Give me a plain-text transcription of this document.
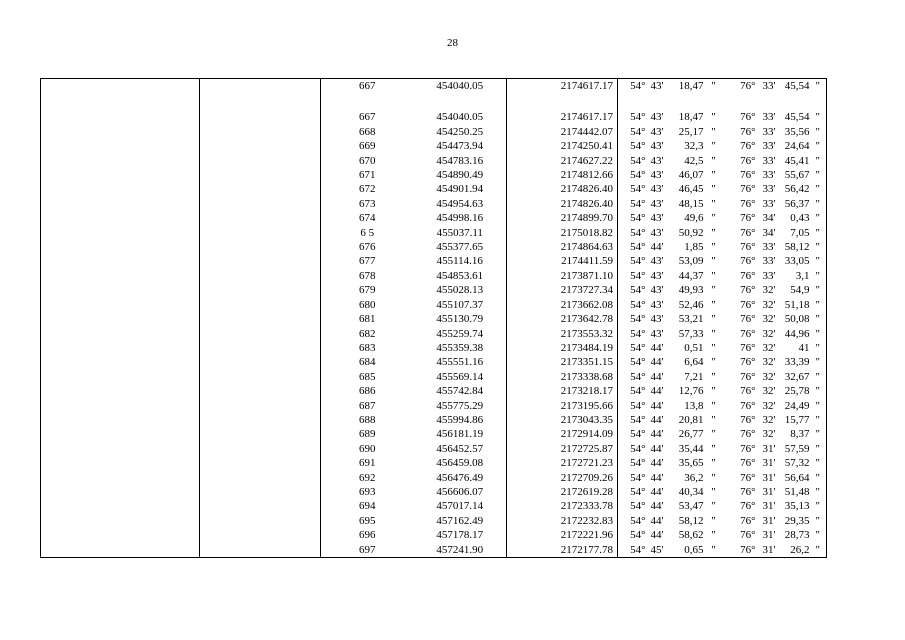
28
		667	454040.05	2174617.17	54°	43'	18,47	"	76°	33'	45,54	"

		667	454040.05	2174617.17	54°	43'	18,47	"	76°	33'	45,54	"
		668	454250.25	2174442.07	54°	43'	25,17	"	76°	33'	35,56	"
		669	454473.94	2174250.41	54°	43'	32,3	"	76°	33'	24,64	"
		670	454783.16	2174627.22	54°	43'	42,5	"	76°	33'	45,41	"
		671	454890.49	2174812.66	54°	43'	46,07	"	76°	33'	55,67	"
		672	454901.94	2174826.40	54°	43'	46,45	"	76°	33'	56,42	"
		673	454954.63	2174826.40	54°	43'	48,15	"	76°	33'	56,37	"
		674	454998.16	2174899.70	54°	43'	49,6	"	76°	34'	0,43	"
		6 5	455037.11	2175018.82	54°	43'	50,92	"	76°	34'	7,05	"
		676	455377.65	2174864.63	54°	44'	1,85	"	76°	33'	58,12	"
		677	455114.16	2174411.59	54°	43'	53,09	"	76°	33'	33,05	"
		678	454853.61	2173871.10	54°	43'	44,37	"	76°	33'	3,1	"
		679	455028.13	2173727.34	54°	43'	49,93	"	76°	32'	54,9	"
		680	455107.37	2173662.08	54°	43'	52,46	"	76°	32'	51,18	"
		681	455130.79	2173642.78	54°	43'	53,21	"	76°	32'	50,08	"
		682	455259.74	2173553.32	54°	43'	57,33	"	76°	32'	44,96	"
		683	455359.38	2173484.19	54°	44'	0,51	"	76°	32'	41	"
		684	455551.16	2173351.15	54°	44'	6,64	"	76°	32'	33,39	"
		685	455569.14	2173338.68	54°	44'	7,21	"	76°	32'	32,67	"
		686	455742.84	2173218.17	54°	44'	12,76	"	76°	32'	25,78	"
		687	455775.29	2173195.66	54°	44'	13,8	"	76°	32'	24,49	"
		688	455994.86	2173043.35	54°	44'	20,81	"	76°	32'	15,77	"
		689	456181.19	2172914.09	54°	44'	26,77	"	76°	32'	8,37	"
		690	456452.57	2172725.87	54°	44'	35,44	"	76°	31'	57,59	"
		691	456459.08	2172721.23	54°	44'	35,65	"	76°	31'	57,32	"
		692	456476.49	2172709.26	54°	44'	36,2	"	76°	31'	56,64	"
		693	456606.07	2172619.28	54°	44'	40,34	"	76°	31'	51,48	"
		694	457017.14	2172333.78	54°	44'	53,47	"	76°	31'	35,13	"
		695	457162.49	2172232.83	54°	44'	58,12	"	76°	31'	29,35	"
		696	457178.17	2172221.96	54°	44'	58,62	"	76°	31'	28,73	"
		697	457241.90	2172177.78	54°	45'	0,65	"	76°	31'	26,2	"
